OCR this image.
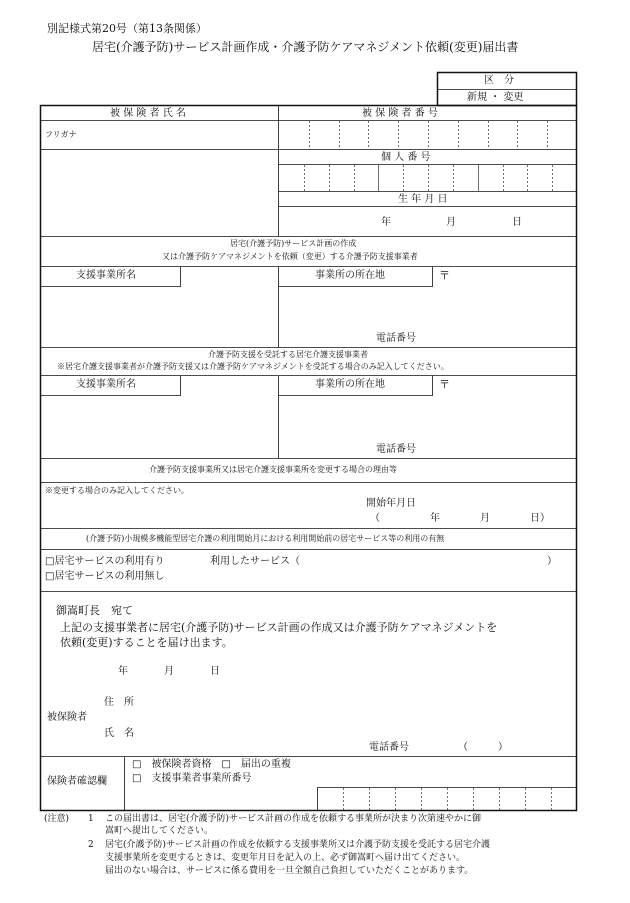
別記様式第20号（第13条関係）
居宅(介護予防)サービス計画作成・介護予防ケアマネジメント依頼(変更)届出書
区　分
新規 ・ 変更
被 保 険 者 氏 名	被 保 険 者 番 号
フリガナ
個 人 番 号
生 年 月 日
年	月	日
居宅(介護予防)サービス計画の作成
又は介護予防ケアマネジメントを依頼（変更）する介護予防支援事業者
支援事業所名	事業所の所在地	〒
電話番号
介護予防支援を受託する居宅介護支援事業者
※居宅介護支援事業者が介護予防支援又は介護予防ケアマネジメントを受託する場合のみ記入してください。
支援事業所名	事業所の所在地	〒
電話番号
介護予防支援事業所又は居宅介護支援事業所を変更する場合の理由等
※変更する場合のみ記入してください。
開始年月日
（　　　　　年　　　　月　　　　日）
(介護予防)小規模多機能型居宅介護の利用開始月における利用開始前の居宅サービス等の利用の有無
□居宅サービスの利用有り	利用したサービス（	）
□居宅サービスの利用無し
御嵩町長　宛て
上記の支援事業者に居宅(介護予防)サービス計画の作成又は介護予防ケアマネジメントを
依頼(変更)することを届け出ます。
年	月	日
住　所
被保険者
氏　名
電話番号	（　　　）
保険者確認欄
□　被保険者資格　□　届出の重複
□　支援事業者事業所番号
(注意) 1 この届出書は、居宅(介護予防)サービス計画の作成を依頼する事業所が決まり次第速やかに御
嵩町へ提出してください。
2 居宅(介護予防)サービス計画の作成を依頼する支援事業所又は介護予防支援を受託する居宅介護
支援事業所を変更するときは、変更年月日を記入の上、必ず御嵩町へ届け出てください。
届出のない場合は、サービスに係る費用を一旦全額自己負担していただくことがあります。
